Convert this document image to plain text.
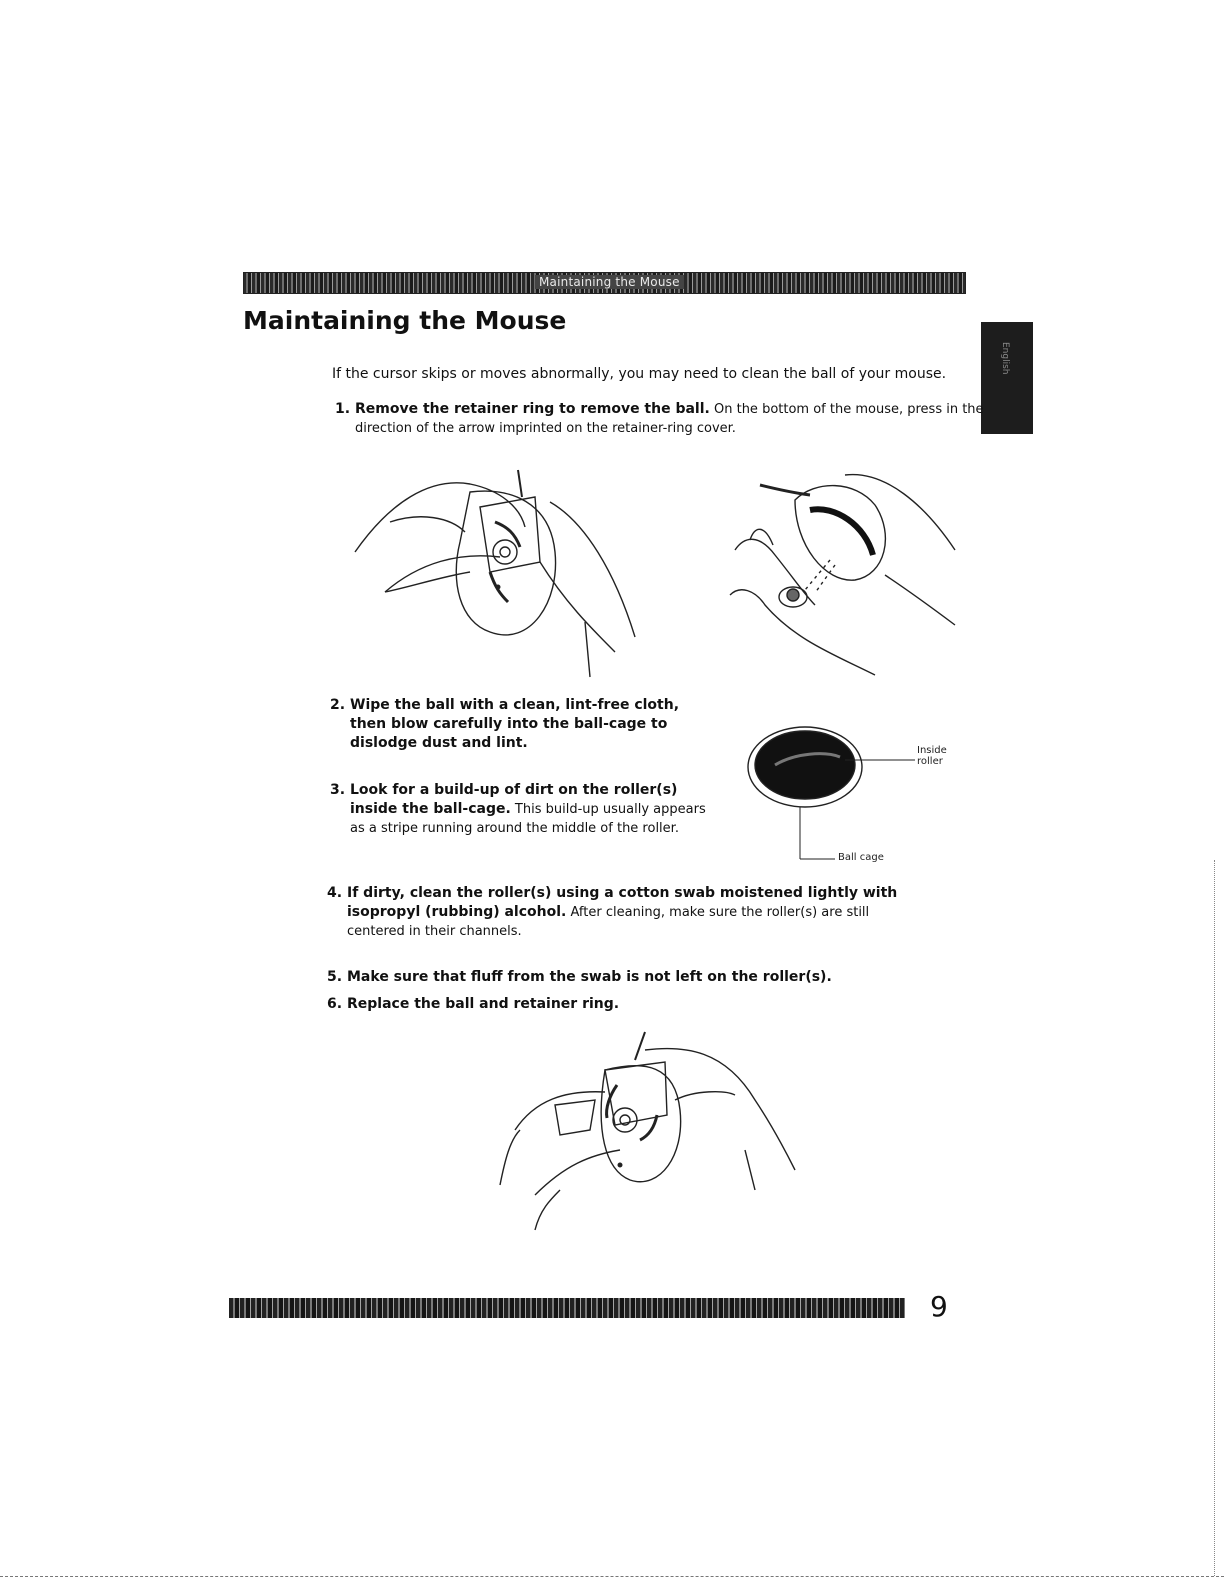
Maintaining the Mouse
Maintaining the Mouse
English

If the cursor skips or moves abnormally, you may need to clean the ball of your mouse.

1. Remove the retainer ring to remove the ball. On the bottom of the mouse, press in the direction of the arrow imprinted on the retainer-ring cover.
2. Wipe the ball with a clean, lint-free cloth, then blow carefully into the ball-cage to dislodge dust and lint.
3. Look for a build-up of dirt on the roller(s) inside the ball-cage. This build-up usually appears as a stripe running around the middle of the roller.
Inside roller
Ball cage
4. If dirty, clean the roller(s) using a cotton swab moistened lightly with isopropyl (rubbing) alcohol. After cleaning, make sure the roller(s) are still centered in their channels.
5. Make sure that fluff from the swab is not left on the roller(s).
6. Replace the ball and retainer ring.

9
